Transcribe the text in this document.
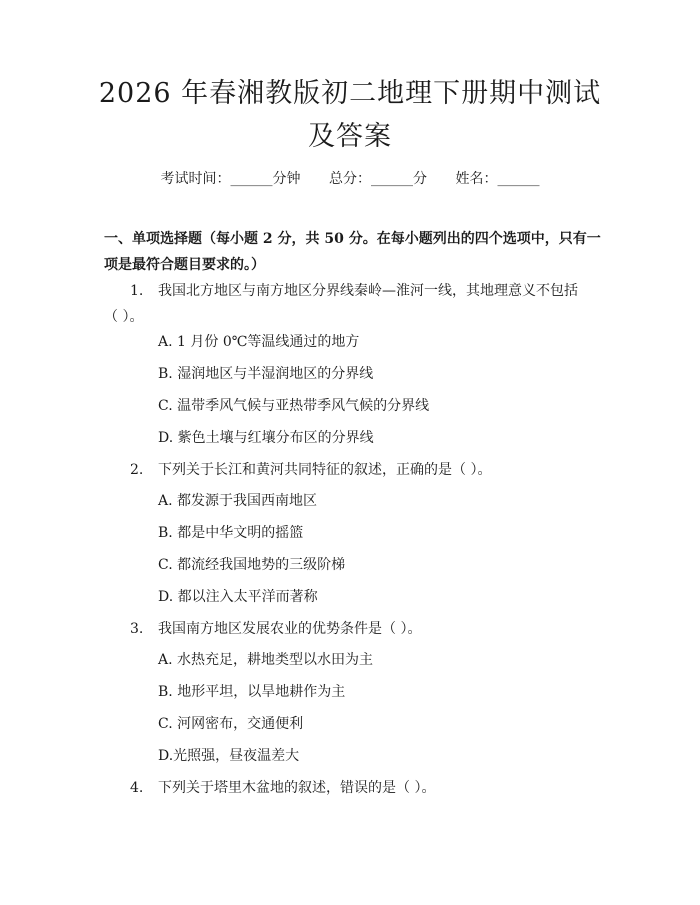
2026 年春湘教版初二地理下册期中测试及答案
考试时间：______分钟 总分：______分 姓名：______
一、单项选择题（每小题 2 分，共 50 分。在每小题列出的四个选项中，只有一项是最符合题目要求的。）
1. 我国北方地区与南方地区分界线秦岭—淮河一线，其地理意义不包括（ ）。
A. 1 月份 0℃等温线通过的地方
B. 湿润地区与半湿润地区的分界线
C. 温带季风气候与亚热带季风气候的分界线
D. 紫色土壤与红壤分布区的分界线
2. 下列关于长江和黄河共同特征的叙述，正确的是（ ）。
A. 都发源于我国西南地区
B. 都是中华文明的摇篮
C. 都流经我国地势的三级阶梯
D. 都以注入太平洋而著称
3. 我国南方地区发展农业的优势条件是（ ）。
A. 水热充足，耕地类型以水田为主
B. 地形平坦，以旱地耕作为主
C. 河网密布，交通便利
D.光照强，昼夜温差大
4. 下列关于塔里木盆地的叙述，错误的是（ ）。
